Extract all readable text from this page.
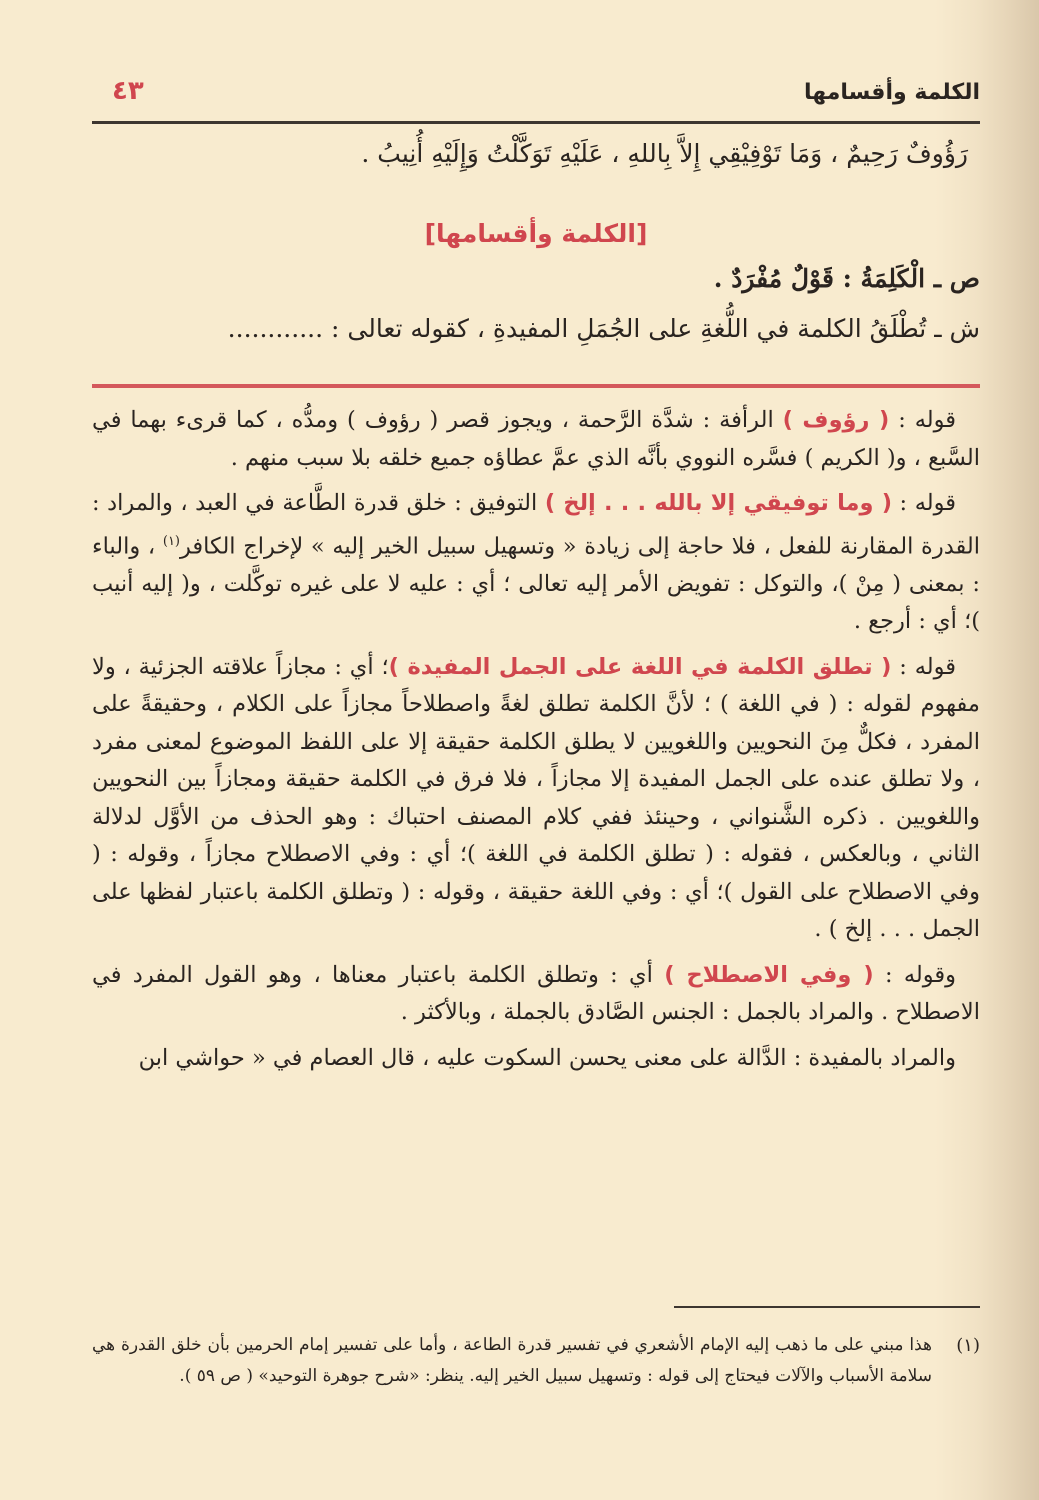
الكلمة وأقسامها
٤٣
رَؤُوفٌ رَحِيمٌ ، وَمَا تَوْفِيْقِي إِلاَّ بِاللهِ ، عَلَيْهِ تَوَكَّلْتُ وَإِلَيْهِ أُنِيبُ .
[الكلمة وأقسامها]
ص ـ الْكَلِمَةُ : قَوْلٌ مُفْرَدٌ .
ش ـ تُطْلَقُ الكلمة في اللُّغةِ على الجُمَلِ المفيدةِ ، كقوله تعالى : ............

قوله : ( رؤوف ) الرأفة : شدَّة الرَّحمة ، ويجوز قصر ( رؤوف ) ومدُّه ، كما قرىء بهما في السَّبع ، و( الكريم ) فسَّره النووي بأنَّه الذي عمَّ عطاؤه جميع خلقه بلا سبب منهم .

قوله : ( وما توفيقي إلا بالله . . . إلخ ) التوفيق : خلق قدرة الطَّاعة في العبد ، والمراد : القدرة المقارنة للفعل ، فلا حاجة إلى زيادة « وتسهيل سبيل الخير إليه » لإخراج الكافر$^{(١)}$ ، والباء : بمعنى ( مِنْ )، والتوكل : تفويض الأمر إليه تعالى ؛ أي : عليه لا على غيره توكَّلت ، و( إليه أنيب )؛ أي : أرجع .

قوله : ( تطلق الكلمة في اللغة على الجمل المفيدة )؛ أي : مجازاً علاقته الجزئية ، ولا مفهوم لقوله : ( في اللغة ) ؛ لأنَّ الكلمة تطلق لغةً واصطلاحاً مجازاً على الكلام ، وحقيقةً على المفرد ، فكلٌّ مِنَ النحويين واللغويين لا يطلق الكلمة حقيقة إلا على اللفظ الموضوع لمعنى مفرد ، ولا تطلق عنده على الجمل المفيدة إلا مجازاً ، فلا فرق في الكلمة حقيقة ومجازاً بين النحويين واللغويين . ذكره الشَّنواني ، وحينئذ ففي كلام المصنف احتباك : وهو الحذف من الأوَّل لدلالة الثاني ، وبالعكس ، فقوله : ( تطلق الكلمة في اللغة )؛ أي : وفي الاصطلاح مجازاً ، وقوله : ( وفي الاصطلاح على القول )؛ أي : وفي اللغة حقيقة ، وقوله : ( وتطلق الكلمة باعتبار لفظها على الجمل . . . إلخ ) .

وقوله : ( وفي الاصطلاح ) أي : وتطلق الكلمة باعتبار معناها ، وهو القول المفرد في الاصطلاح . والمراد بالجمل : الجنس الصَّادق بالجملة ، وبالأكثر .

والمراد بالمفيدة : الدَّالة على معنى يحسن السكوت عليه ، قال العصام في « حواشي ابن

(١)
هذا مبني على ما ذهب إليه الإمام الأشعري في تفسير قدرة الطاعة ، وأما على تفسير إمام الحرمين بأن خلق القدرة هي سلامة الأسباب والآلات فيحتاج إلى قوله : وتسهيل سبيل الخير إليه. ينظر: «شرح جوهرة التوحيد» ( ص ٥٩ ).
